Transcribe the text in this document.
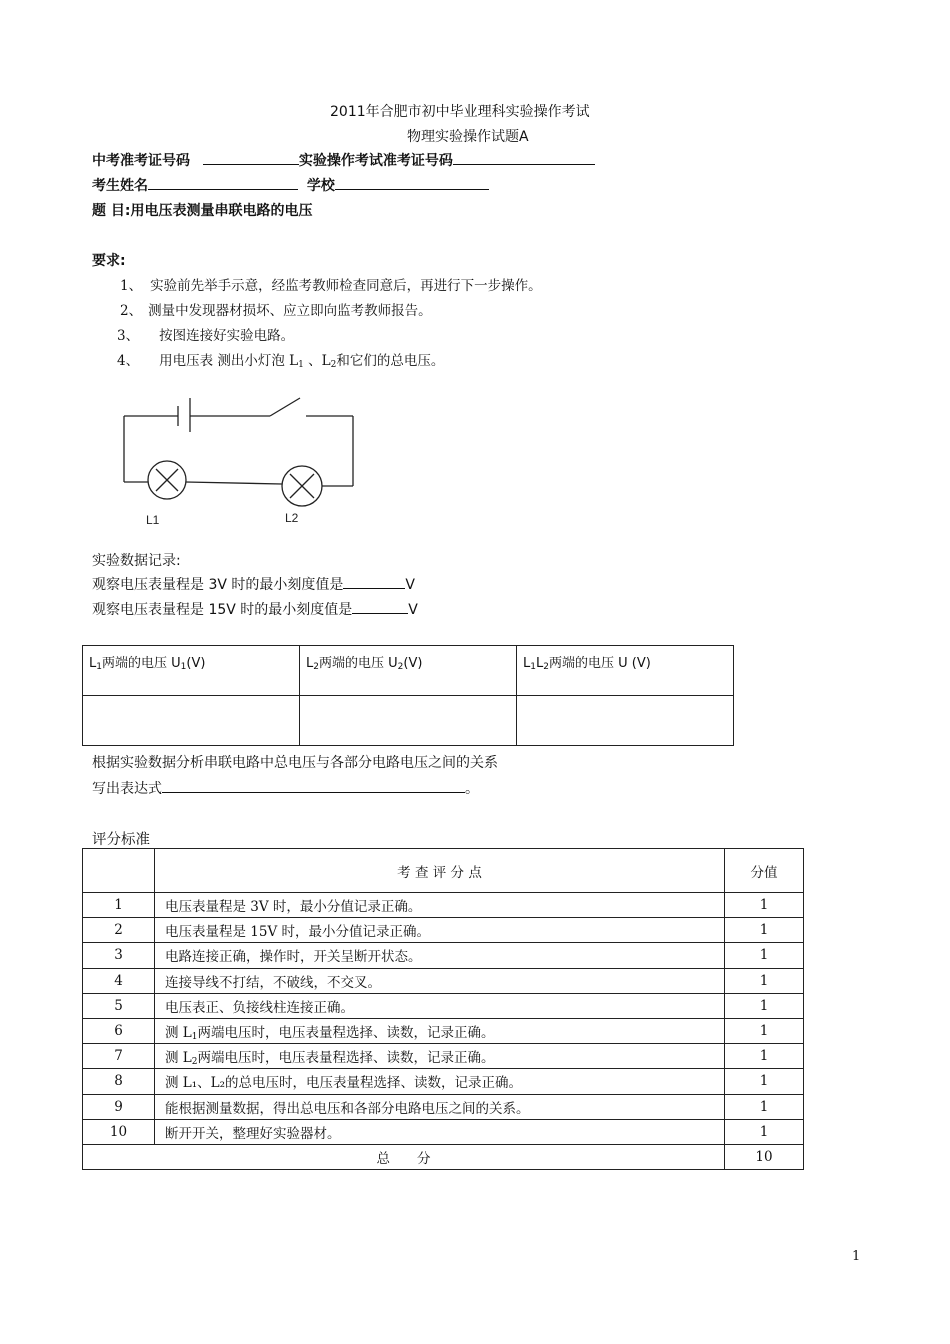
2011年合肥市初中毕业理科实验操作考试
物理实验操作试题A
中考准考证号码	实验操作考试准考证号码
考生姓名	学校
题 目:用电压表测量串联电路的电压
要求:
1、 实验前先举手示意，经监考教师检查同意后，再进行下一步操作。
2、 测量中发现器材损坏、应立即向监考教师报告。
3、 按图连接好实验电路。
4、 用电压表 测出小灯泡 $L_1$ 、$L_2$和它们的总电压。
L1	L2
实验数据记录:
观察电压表量程是 3V 时的最小刻度值是	V
观察电压表量程是 15V 时的最小刻度值是	V
$L_1$两端的电压 $U_1(V)$	$L_2$两端的电压 $U_2(V)$	$L_1L_2$两端的电压 U (V)

根据实验数据分析串联电路中总电压与各部分电路电压之间的关系
写出表达式	。
评分标准
	考 查 评 分 点	分值
1	电压表量程是 3V 时，最小分值记录正确。	1
2	电压表量程是 15V 时，最小分值记录正确。	1
3	电路连接正确，操作时，开关呈断开状态。	1
4	连接导线不打结，不破线，不交叉。	1
5	电压表正、负接线柱连接正确。	1
6	测 $L_1$两端电压时，电压表量程选择、读数，记录正确。	1
7	测 $L_2$两端电压时，电压表量程选择、读数，记录正确。	1
8	测 L₁、L₂的总电压时，电压表量程选择、读数，记录正确。	1
9	能根据测量数据，得出总电压和各部分电路电压之间的关系。	1
10	断开开关，整理好实验器材。	1
总　　分		10
1
